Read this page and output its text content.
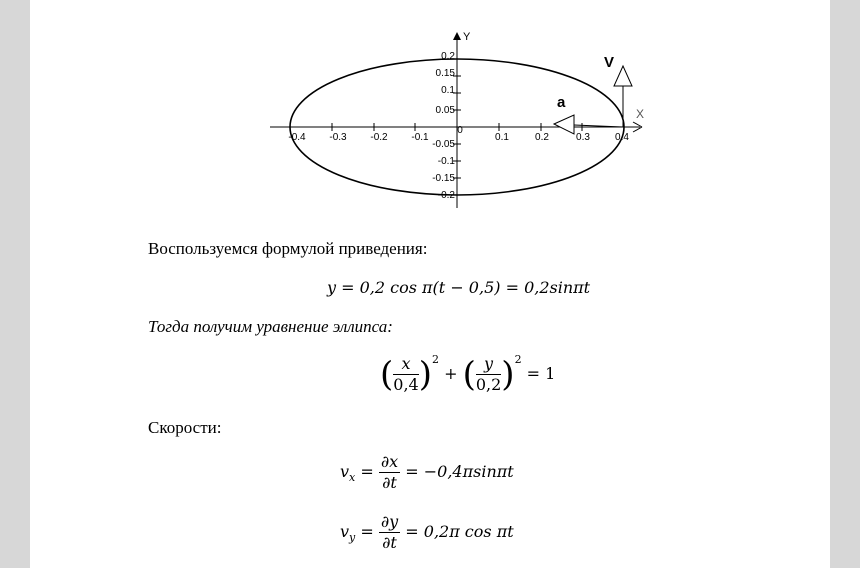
Y
X
-0.4 -0.3 -0.2 -0.1
0
0.1	0.2	0.3	0.4
0.2
0.15
0.1
0.05
-0.05
-0.1
-0.15
-0.2
V
a
Воспользуемся формулой приведения:
y = 0,2 cos π(t − 0,5) = 0,2sinπt
Тогда получим уравнение эллипса:
( $\frac{x}{0,4} )^2$ + ( $\frac{y}{0,2} )^2 = 1$
Скорости:
$v_x = \frac{\partial x}{\partial t} = -0,4\pi\sin\pi t$
$v_y = \frac{\partial y}{\partial t} = 0,2\pi$ cos πt
